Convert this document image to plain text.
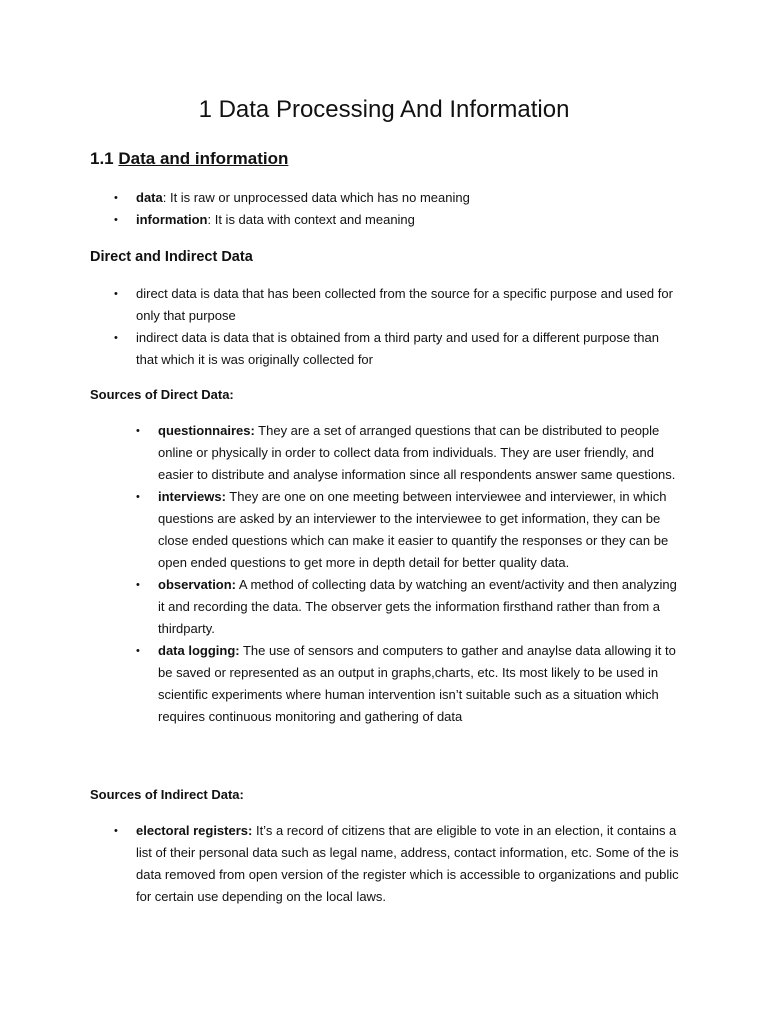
1 Data Processing And Information
1.1 Data and information
• data: It is raw or unprocessed data which has no meaning
• information: It is data with context and meaning
Direct and Indirect Data
• direct data is data that has been collected from the source for a specific purpose and used for only that purpose
• indirect data is data that is obtained from a third party and used for a different purpose than that which it is was originally collected for

Sources of Direct Data:

• questionnaires: They are a set of arranged questions that can be distributed to people online or physically in order to collect data from individuals. They are user friendly, and easier to distribute and analyse information since all respondents answer same questions.
• interviews: They are one on one meeting between interviewee and interviewer, in which questions are asked by an interviewer to the interviewee to get information, they can be close ended questions which can make it easier to quantify the responses or they can be open ended questions to get more in depth detail for better quality data.
• observation: A method of collecting data by watching an event/activity and then analyzing it and recording the data. The observer gets the information firsthand rather than from a thirdparty.
• data logging: The use of sensors and computers to gather and anaylse data allowing it to be saved or represented as an output in graphs,charts, etc. Its most likely to be used in scientific experiments where human intervention isn’t suitable such as a situation which requires continuous monitoring and gathering of data

Sources of Indirect Data:

• electoral registers: It’s a record of citizens that are eligible to vote in an election, it contains a list of their personal data such as legal name, address, contact information, etc. Some of the is data removed from open version of the register which is accessible to organizations and public for certain use depending on the local laws.
